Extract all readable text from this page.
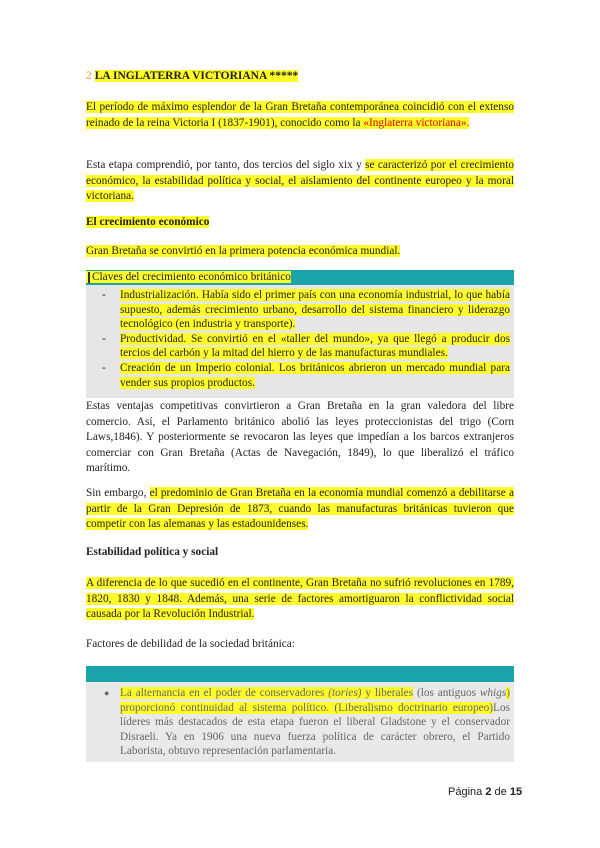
2 LA INGLATERRA VICTORIANA *****

El período de máximo esplendor de la Gran Bretaña contemporánea coincidió con el extenso reinado de la reina Victoria I (1837-1901), conocido como la «Inglaterra victoriana».

Esta etapa comprendió, por tanto, dos tercios del siglo xix y se caracterizó por el crecimiento económico, la estabilidad política y social, el aislamiento del continente europeo y la moral victoriana.

El crecimiento económico
Gran Bretaña se convirtió en la primera potencia económica mundial.
Claves del crecimiento económico británico
- Industrialización. Había sido el primer país con una economía industrial, lo que había supuesto, además crecimiento urbano, desarrollo del sistema financiero y liderazgo tecnológico (en industria y transporte).
- Productividad. Se convirtió en el «taller del mundo», ya que llegó a producir dos tercios del carbón y la mitad del hierro y de las manufacturas mundiales.
- Creación de un Imperio colonial. Los británicos abrieron un mercado mundial para vender sus propios productos.

Estas ventajas competitivas convirtieron a Gran Bretaña en la gran valedora del libre comercio. Así, el Parlamento británico abolió las leyes proteccionistas del trigo (Corn Laws,1846). Y posteriormente se revocaron las leyes que impedían a los barcos extranjeros comerciar con Gran Bretaña (Actas de Navegación, 1849), lo que liberalizó el tráfico marítimo.

Sin embargo, el predominio de Gran Bretaña en la economía mundial comenzó a debilitarse a partir de la Gran Depresión de 1873, cuando las manufacturas británicas tuvieron que competir con las alemanas y las estadounidenses.

Estabilidad política y social
A diferencia de lo que sucedió en el continente, Gran Bretaña no sufrió revoluciones en 1789, 1820, 1830 y 1848. Además, una serie de factores amortiguaron la conflictividad social causada por la Revolución Industrial.
Factores de debilidad de la sociedad británica:
● La alternancia en el poder de conservadores (tories) y liberales (los antiguos whigs) proporcionó continuidad al sistema político. (Liberalismo doctrinario europeo)Los líderes más destacados de esta etapa fueron el liberal Gladstone y el conservador Disraeli. Ya en 1906 una nueva fuerza política de carácter obrero, el Partido Laborista, obtuvo representación parlamentaria.
Página 2 de 15
